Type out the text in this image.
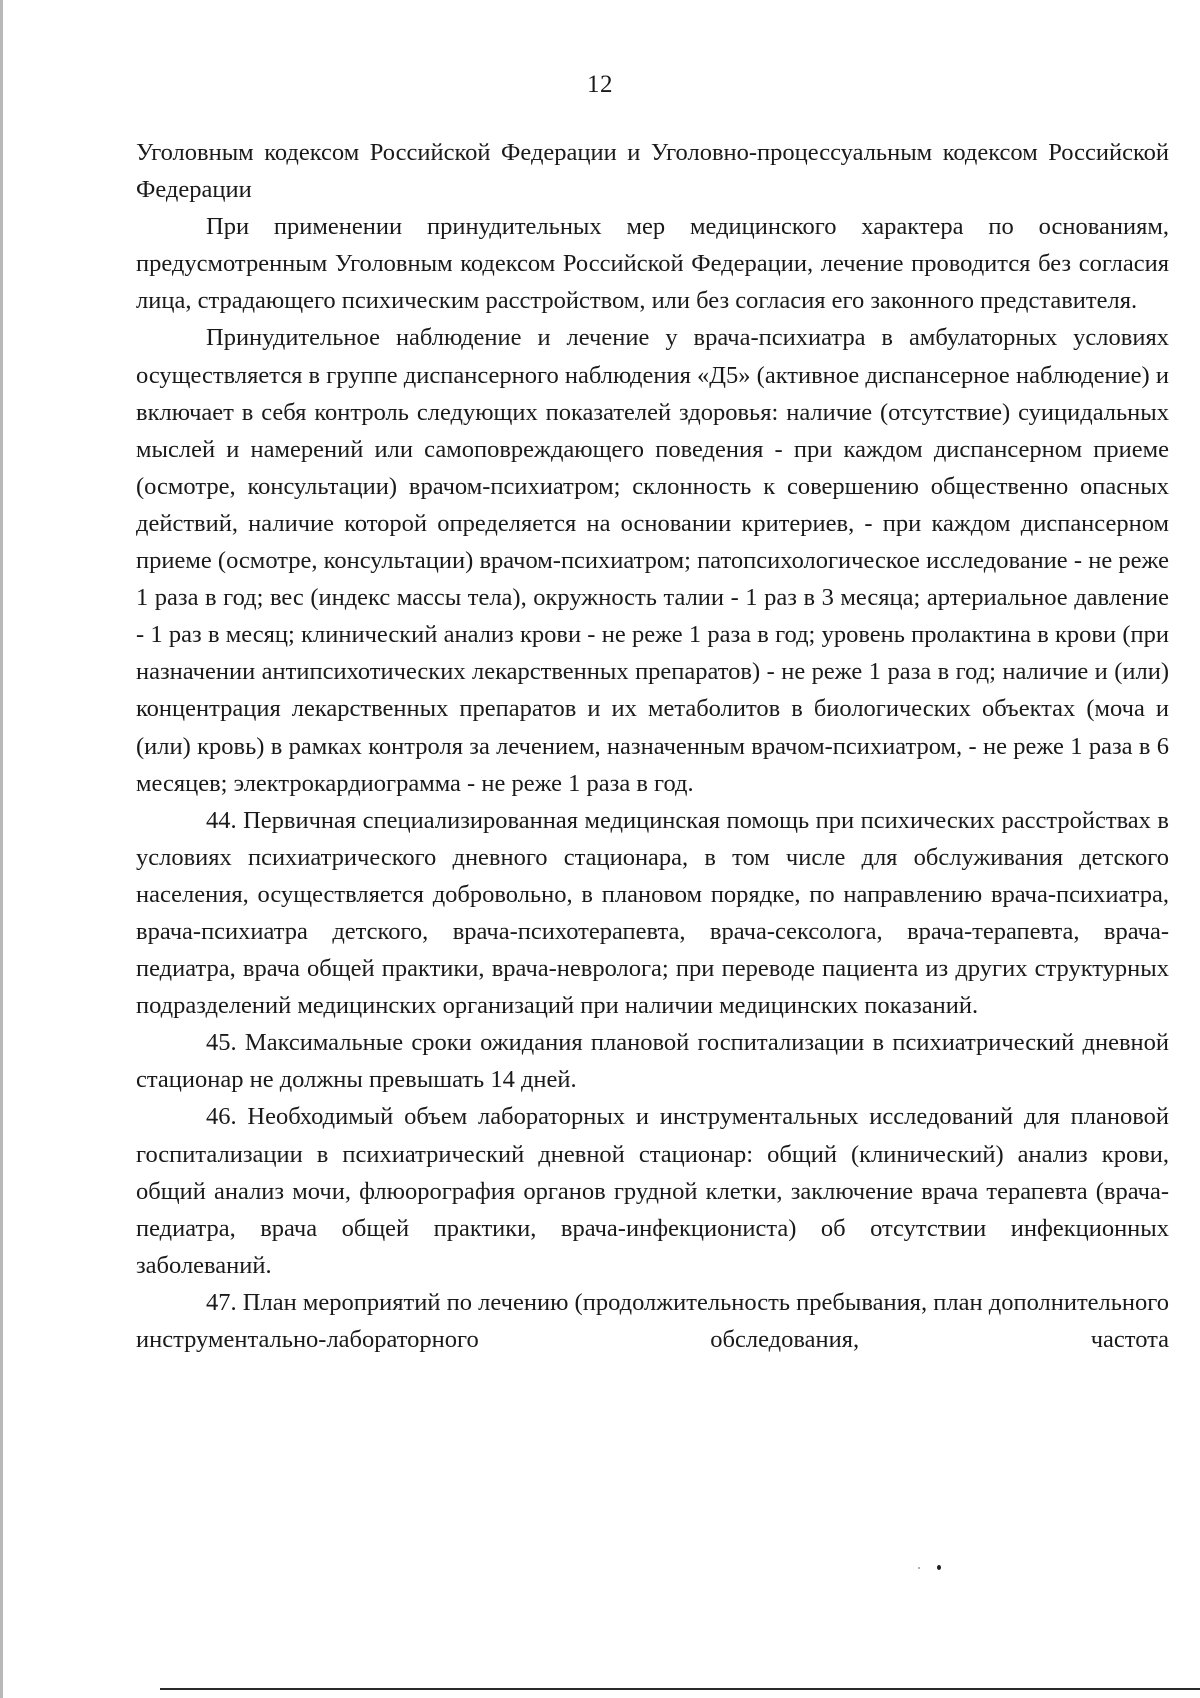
12

Уголовным кодексом Российской Федерации и Уголовно-процессуальным кодексом Российской Федерации

При применении принудительных мер медицинского характера по основаниям, предусмотренным Уголовным кодексом Российской Федерации, лечение проводится без согласия лица, страдающего психическим расстройством, или без согласия его законного представителя.

Принудительное наблюдение и лечение у врача-психиатра в амбулаторных условиях осуществляется в группе диспансерного наблюдения «Д5» (активное диспансерное наблюдение) и включает в себя контроль следующих показателей здоровья: наличие (отсутствие) суицидальных мыслей и намерений или самоповреждающего поведения - при каждом диспансерном приеме (осмотре, консультации) врачом-психиатром; склонность к совершению общественно опасных действий, наличие которой определяется на основании критериев, - при каждом диспансерном приеме (осмотре, консультации) врачом-психиатром; патопсихологическое исследование - не реже 1 раза в год; вес (индекс массы тела), окружность талии - 1 раз в 3 месяца; артериальное давление - 1 раз в месяц; клинический анализ крови - не реже 1 раза в год; уровень пролактина в крови (при назначении антипсихотических лекарственных препаратов) - не реже 1 раза в год; наличие и (или) концентрация лекарственных препаратов и их метаболитов в биологических объектах (моча и (или) кровь) в рамках контроля за лечением, назначенным врачом-психиатром, - не реже 1 раза в 6 месяцев; электрокардиограмма - не реже 1 раза в год.

44. Первичная специализированная медицинская помощь при психических расстройствах в условиях психиатрического дневного стационара, в том числе для обслуживания детского населения, осуществляется добровольно, в плановом порядке, по направлению врача-психиатра, врача-психиатра детского, врача-психотерапевта, врача-сексолога, врача-терапевта, врача-педиатра, врача общей практики, врача-невролога; при переводе пациента из других структурных подразделений медицинских организаций при наличии медицинских показаний.

45. Максимальные сроки ожидания плановой госпитализации в психиатрический дневной стационар не должны превышать 14 дней.

46. Необходимый объем лабораторных и инструментальных исследований для плановой госпитализации в психиатрический дневной стационар: общий (клинический) анализ крови, общий анализ мочи, флюорография органов грудной клетки, заключение врача терапевта (врача-педиатра, врача общей практики, врача-инфекциониста) об отсутствии инфекционных заболеваний.

47. План мероприятий по лечению (продолжительность пребывания, план дополнительного инструментально-лабораторного обследования, частота
